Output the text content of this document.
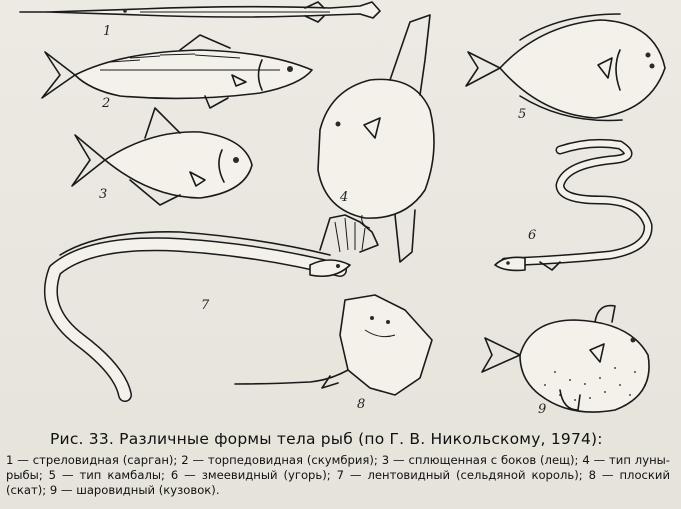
1
2
3	4
5
6
7
8	9
Рис. 33. Различные формы тела рыб (по Г. В. Никольскому, 1974):
1 — стреловидная (сарган); 2 — торпедовидная (скумбрия); 3 — сплющенная с боков (лещ); 4 — тип луны-рыбы; 5 — тип камбалы; 6 — змеевидный (угорь); 7 — лентовидный (сельдяной король); 8 — плоский (скат); 9 — шаровидный (кузовок).
